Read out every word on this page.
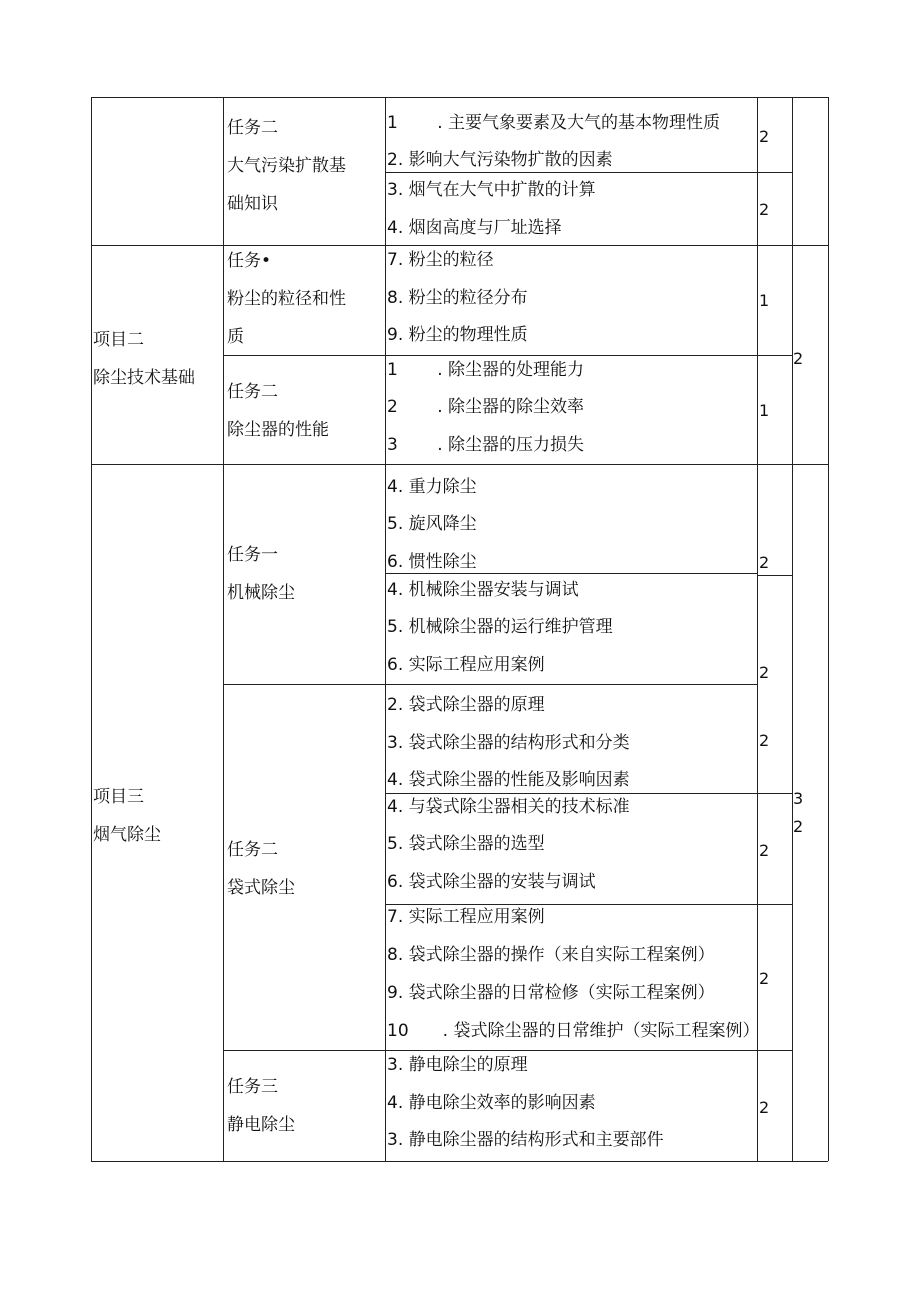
任务二
大气污染扩散基
础知识
1　　 . 主要气象要素及大气的基本物理性质
2. 影响大气污染物扩散的因素
2
3. 烟气在大气中扩散的计算
4. 烟囱高度与厂址选择
2
项目二
除尘技术基础
2
任务•
粉尘的粒径和性
质
7. 粉尘的粒径
8. 粉尘的粒径分布
9. 粉尘的物理性质
1
任务二
除尘器的性能
1　　 . 除尘器的处理能力
2　　 . 除尘器的除尘效率
3　　 . 除尘器的压力损失
1
项目三
烟气除尘
3
2
任务一
机械除尘
4. 重力除尘
5. 旋风降尘
6. 惯性除尘	2
4. 机械除尘器安装与调试
5. 机械除尘器的运行维护管理
6. 实际工程应用案例	2
任务二
袋式除尘
2. 袋式除尘器的原理
3. 袋式除尘器的结构形式和分类
4. 袋式除尘器的性能及影响因素
2
4. 与袋式除尘器相关的技术标准
5. 袋式除尘器的选型
6. 袋式除尘器的安装与调试
2
7. 实际工程应用案例
8. 袋式除尘器的操作（来自实际工程案例）
9. 袋式除尘器的日常检修（实际工程案例）
10　　. 袋式除尘器的日常维护（实际工程案例）
2
任务三
静电除尘
3. 静电除尘的原理
4. 静电除尘效率的影响因素
3. 静电除尘器的结构形式和主要部件
2
